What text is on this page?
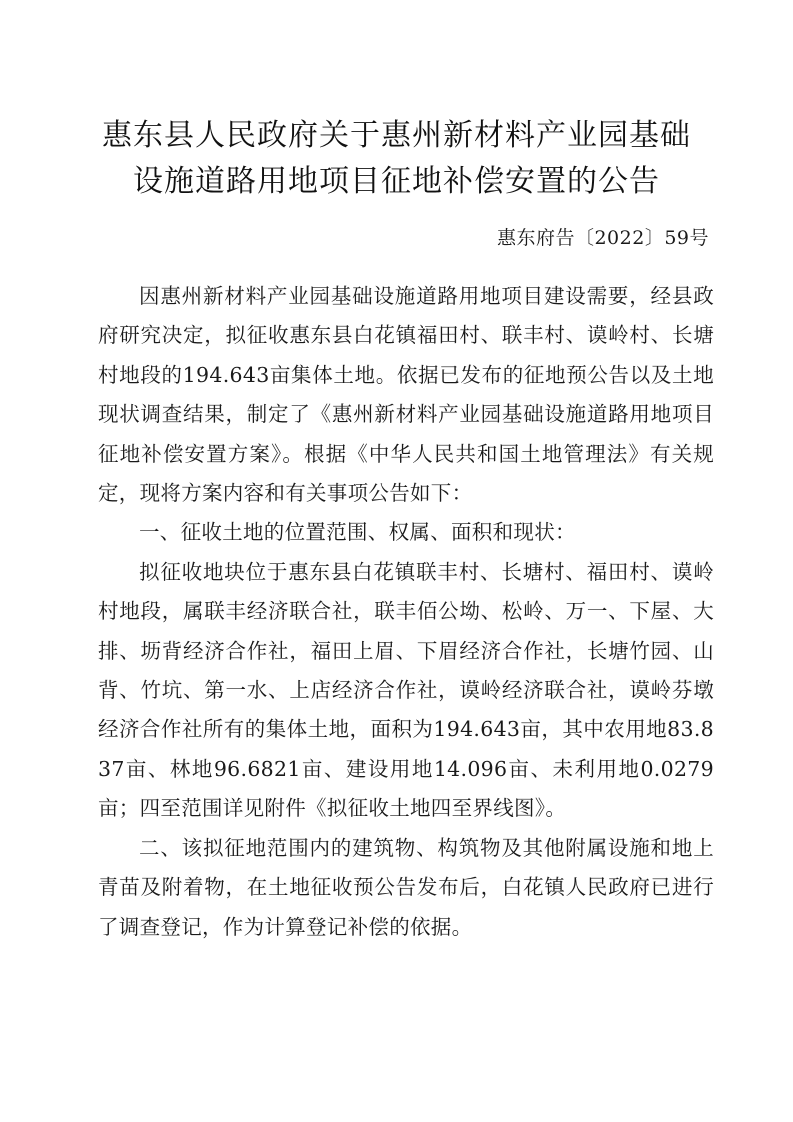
惠东县人民政府关于惠州新材料产业园基础
设施道路用地项目征地补偿安置的公告
惠东府告〔2022〕59号

因惠州新材料产业园基础设施道路用地项目建设需要，经县政府研究决定，拟征收惠东县白花镇福田村、联丰村、谟岭村、长塘村地段的194.643亩集体土地。依据已发布的征地预公告以及土地现状调查结果，制定了《惠州新材料产业园基础设施道路用地项目征地补偿安置方案》。根据《中华人民共和国土地管理法》有关规定，现将方案内容和有关事项公告如下：

一、征收土地的位置范围、权属、面积和现状：

拟征收地块位于惠东县白花镇联丰村、长塘村、福田村、谟岭村地段，属联丰经济联合社，联丰佰公坳、松岭、万一、下屋、大排、坜背经济合作社，福田上眉、下眉经济合作社，长塘竹园、山背、竹坑、第一水、上店经济合作社，谟岭经济联合社，谟岭芬墩经济合作社所有的集体土地，面积为194.643亩，其中农用地83.837亩、林地96.6821亩、建设用地14.096亩、未利用地0.0279亩；四至范围详见附件《拟征收土地四至界线图》。

二、该拟征地范围内的建筑物、构筑物及其他附属设施和地上青苗及附着物，在土地征收预公告发布后，白花镇人民政府已进行了调查登记，作为计算登记补偿的依据。
